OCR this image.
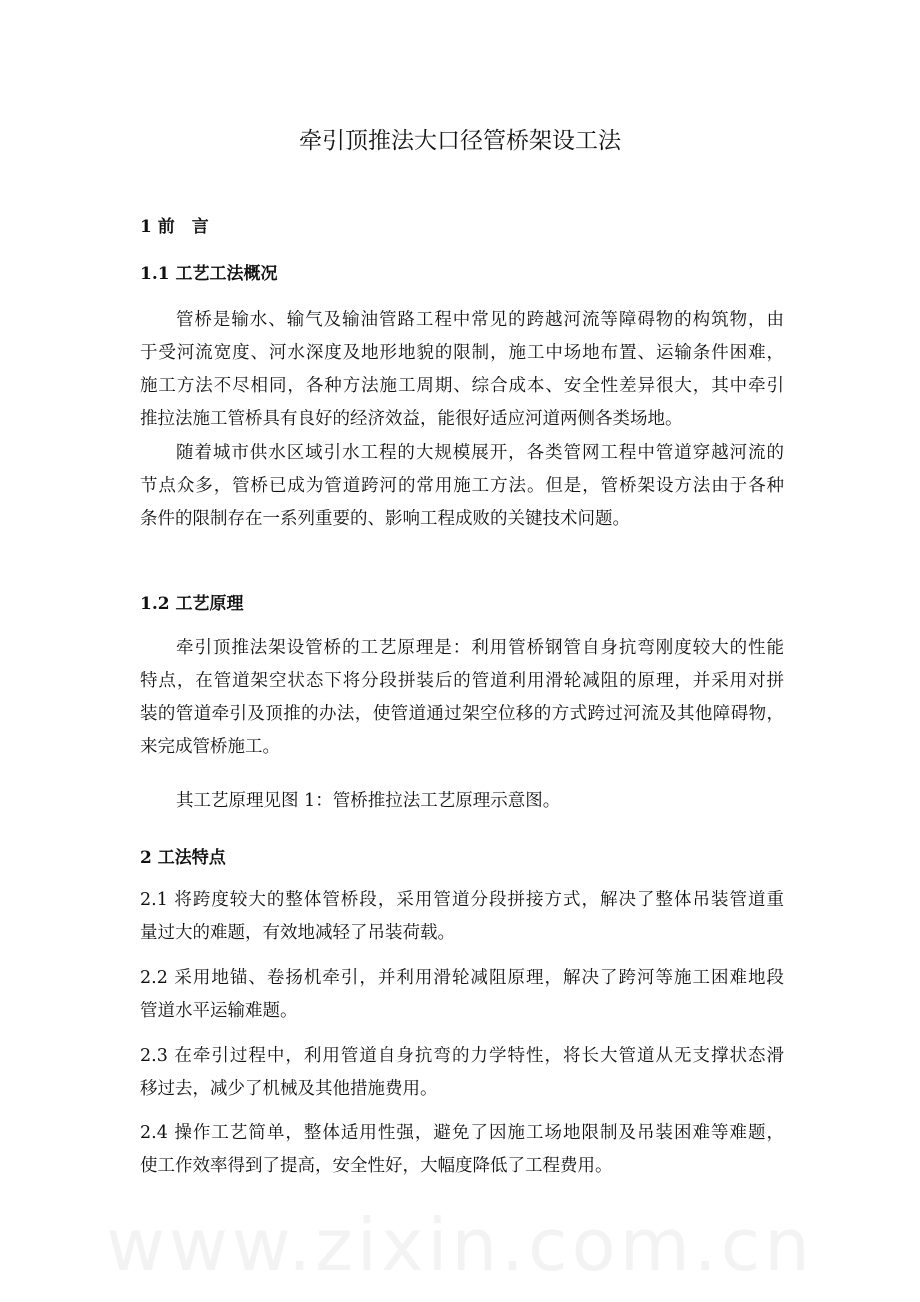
www.zixin.com.cn
牵引顶推法大口径管桥架设工法
1 前　言
1.1 工艺工法概况
管桥是输水、输气及输油管路工程中常见的跨越河流等障碍物的构筑物，由
于受河流宽度、河水深度及地形地貌的限制，施工中场地布置、运输条件困难，
施工方法不尽相同，各种方法施工周期、综合成本、安全性差异很大，其中牵引
推拉法施工管桥具有良好的经济效益，能很好适应河道两侧各类场地。
随着城市供水区域引水工程的大规模展开，各类管网工程中管道穿越河流的
节点众多，管桥已成为管道跨河的常用施工方法。但是，管桥架设方法由于各种
条件的限制存在一系列重要的、影响工程成败的关键技术问题。
1.2 工艺原理
牵引顶推法架设管桥的工艺原理是：利用管桥钢管自身抗弯刚度较大的性能
特点，在管道架空状态下将分段拼装后的管道利用滑轮减阻的原理，并采用对拼
装的管道牵引及顶推的办法，使管道通过架空位移的方式跨过河流及其他障碍物，
来完成管桥施工。
其工艺原理见图 1：管桥推拉法工艺原理示意图。
2 工法特点
2.1 将跨度较大的整体管桥段，采用管道分段拼接方式，解决了整体吊装管道重
量过大的难题，有效地减轻了吊装荷载。
2.2 采用地锚、卷扬机牵引，并利用滑轮减阻原理，解决了跨河等施工困难地段
管道水平运输难题。
2.3 在牵引过程中，利用管道自身抗弯的力学特性，将长大管道从无支撑状态滑
移过去，减少了机械及其他措施费用。
2.4 操作工艺简单，整体适用性强，避免了因施工场地限制及吊装困难等难题，
使工作效率得到了提高，安全性好，大幅度降低了工程费用。
